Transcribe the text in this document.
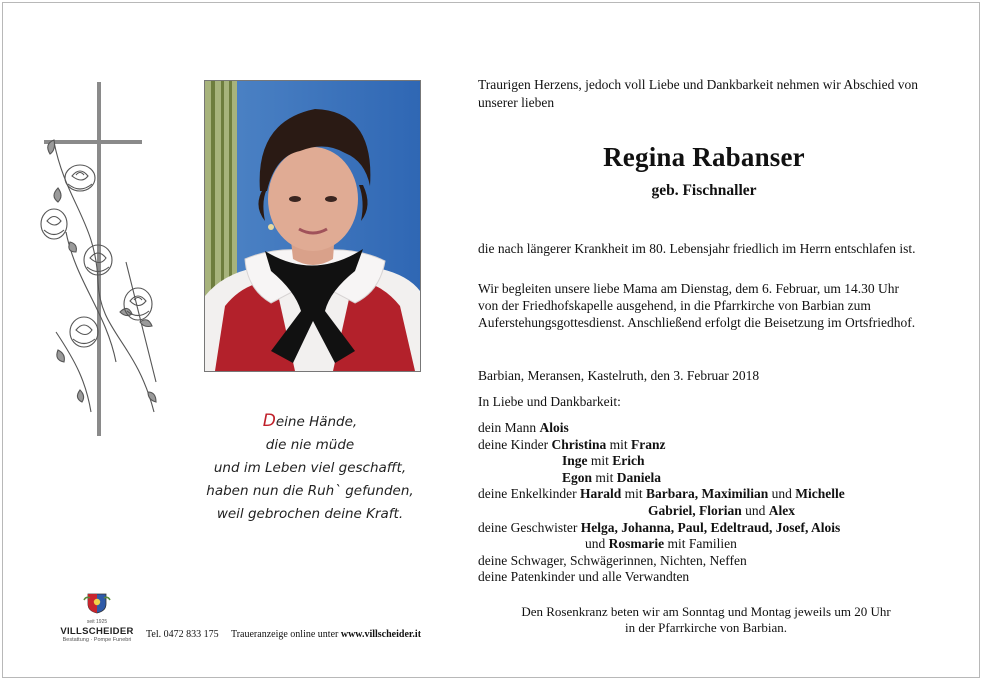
Deine Hände,
die nie müde
und im Leben viel geschafft,
haben nun die Ruh` gefunden,
weil gebrochen deine Kraft.
Traurigen Herzens, jedoch voll Liebe und Dankbarkeit nehmen wir Abschied von unserer lieben
Regina Rabanser
geb. Fischnaller
die nach längerer Krankheit im 80. Lebensjahr friedlich im Herrn entschlafen ist.
Wir begleiten unsere liebe Mama am Dienstag, dem 6. Februar, um 14.30 Uhr von der Friedhofskapelle ausgehend, in die Pfarrkirche von Barbian zum Auferstehungsgottesdienst. Anschließend erfolgt die Beisetzung im Ortsfriedhof.
Barbian, Meransen, Kastelruth, den 3. Februar 2018
In Liebe und Dankbarkeit:
dein Mann Alois
deine Kinder Christina mit Franz
Inge mit Erich
Egon mit Daniela
deine Enkelkinder Harald mit Barbara, Maximilian und Michelle
Gabriel, Florian und Alex
deine Geschwister Helga, Johanna, Paul, Edeltraud, Josef, Alois
und Rosmarie mit Familien
deine Schwager, Schwägerinnen, Nichten, Neffen
deine Patenkinder und alle Verwandten
Den Rosenkranz beten wir am Sonntag und Montag jeweils um 20 Uhr
in der Pfarrkirche von Barbian.
seit 1925
VILLSCHEIDER
Bestattung · Pompe Funebri	Tel. 0472 833 175 Traueranzeige online unter www.villscheider.it
